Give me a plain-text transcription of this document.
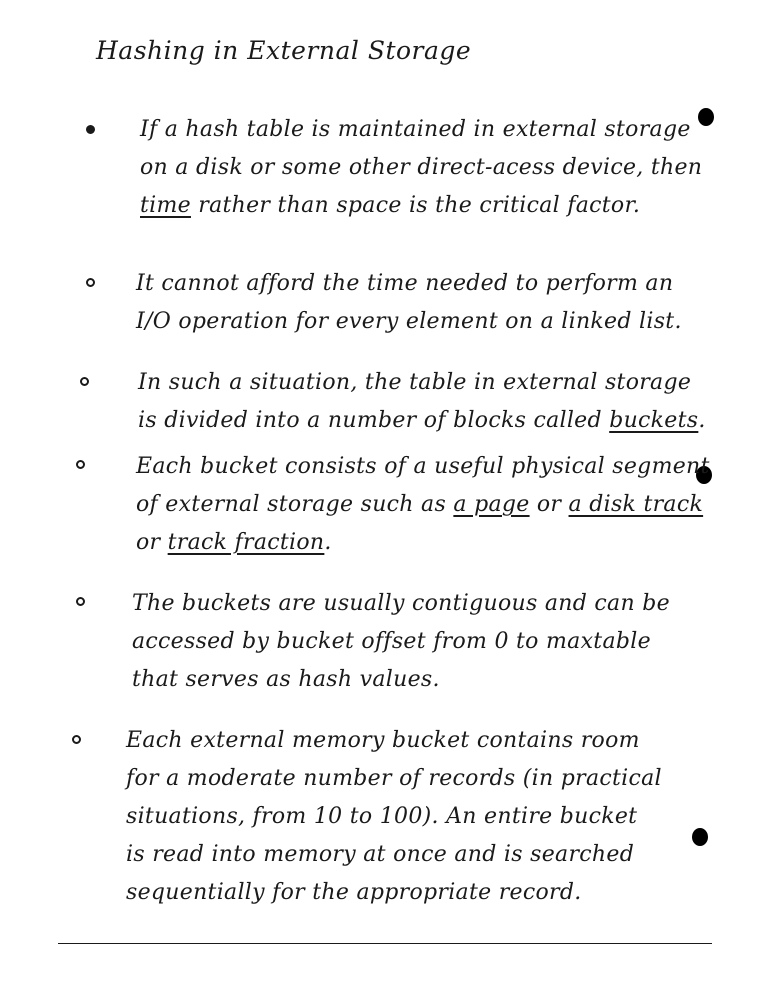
Hashing in External Storage
If a hash table is maintained in external storage
on a disk or some other direct-acess device, then
time rather than space is the critical factor.
It cannot afford the time needed to perform an
I/O operation for every element on a linked list.
In such a situation, the table in external storage
is divided into a number of blocks called buckets.
Each bucket consists of a useful physical segment
of external storage such as a page or a disk track
or track fraction.
The buckets are usually contiguous and can be
accessed by bucket offset from 0 to maxtable
that serves as hash values.
Each external memory bucket contains room
for a moderate number of records (in practical
situations, from 10 to 100). An entire bucket
is read into memory at once and is searched
sequentially for the appropriate record.
